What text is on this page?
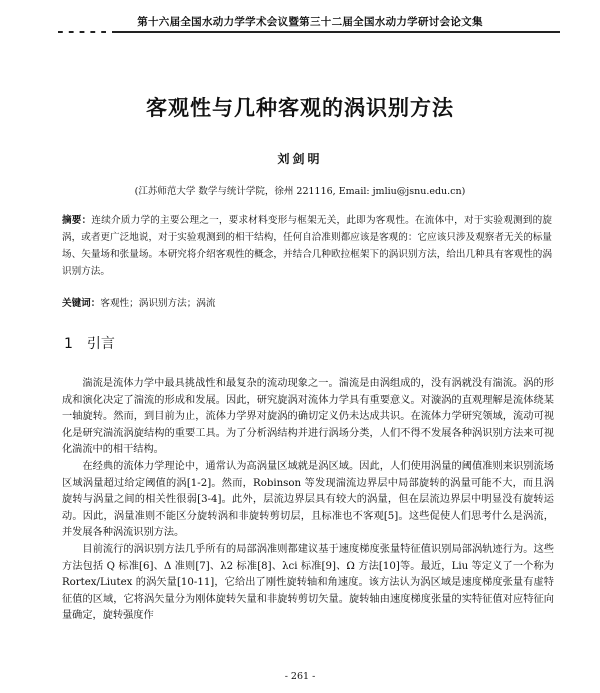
第十六届全国水动力学学术会议暨第三十二届全国水动力学研讨会论文集
客观性与几种客观的涡识别方法
刘剑明
(江苏师范大学 数学与统计学院，徐州 221116, Email: jmliu@jsnu.edu.cn)
摘要：连续介质力学的主要公理之一，要求材料变形与框架无关，此即为客观性。在流体中，对于实验观测到的旋涡，或者更广泛地说，对于实验观测到的相干结构，任何自洽准则都应该是客观的：它应该只涉及观察者无关的标量场、矢量场和张量场。本研究将介绍客观性的概念，并结合几种欧拉框架下的涡识别方法，给出几种具有客观性的涡识别方法。
关键词：客观性；涡识别方法；涡流
1 引言

湍流是流体力学中最具挑战性和最复杂的流动现象之一。湍流是由涡组成的，没有涡就没有湍流。涡的形成和演化决定了湍流的形成和发展。因此，研究旋涡对流体力学具有重要意义。对漩涡的直观理解是流体绕某一轴旋转。然而，到目前为止，流体力学界对旋涡的确切定义仍未达成共识。在流体力学研究领域，流动可视化是研究湍流涡旋结构的重要工具。为了分析涡结构并进行涡场分类，人们不得不发展各种涡识别方法来可视化湍流中的相干结构。

在经典的流体力学理论中，通常认为高涡量区域就是涡区域。因此，人们使用涡量的阈值准则来识别流场区域涡量超过给定阈值的涡[1-2]。然而，Robinson 等发现湍流边界层中局部旋转的涡量可能不大，而且涡旋转与涡量之间的相关性很弱[3-4]。此外，层流边界层具有较大的涡量，但在层流边界层中明显没有旋转运动。因此，涡量准则不能区分旋转涡和非旋转剪切层，且标准也不客观[5]。这些促使人们思考什么是涡流，并发展各种涡流识别方法。

目前流行的涡识别方法几乎所有的局部涡准则都建议基于速度梯度张量特征值识别局部涡轨迹行为。这些方法包括 Q 标准[6]、Δ 准则[7]、λ2 标准[8]、λci 标准[9]、Ω 方法[10]等。最近，Liu 等定义了一个称为 Rortex/Liutex 的涡矢量[10-11]，它给出了刚性旋转轴和角速度。该方法认为涡区域是速度梯度张量有虚特征值的区域，它将涡矢量分为刚体旋转矢量和非旋转剪切矢量。旋转轴由速度梯度张量的实特征值对应特征向量确定，旋转强度作

- 261 -
